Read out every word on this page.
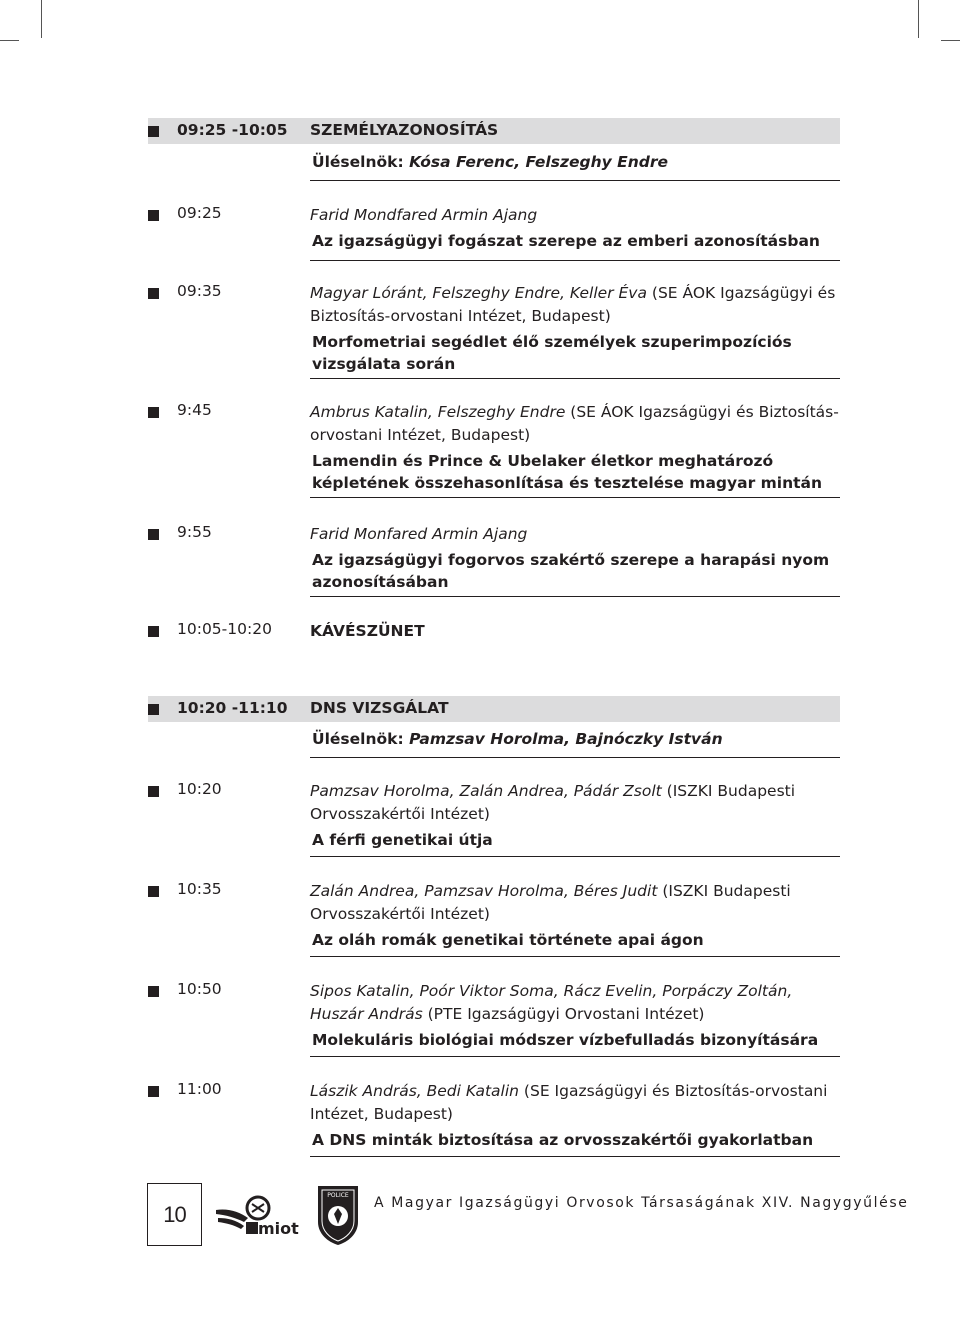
09:25 -10:05 SZEMÉLYAZONOSÍTÁS
Üléselnök: Kósa Ferenc, Felszeghy Endre
09:25	Farid Mondfared Armin Ajang
Az igazságügyi fogászat szerepe az emberi azonosításban
09:35	Magyar Lóránt, Felszeghy Endre, Keller Éva (SE ÁOK Igazságügyi és
Biztosítás-orvostani Intézet, Budapest)
Morfometriai segédlet élő személyek szuperimpozíciós
vizsgálata során
9:45	Ambrus Katalin, Felszeghy Endre (SE ÁOK Igazságügyi és Biztosítás-
orvostani Intézet, Budapest)
Lamendin és Prince & Ubelaker életkor meghatározó
képletének összehasonlítása és tesztelése magyar mintán
9:55	Farid Monfared Armin Ajang
Az igazságügyi fogorvos szakértő szerepe a harapási nyom
azonosításában
10:05-10:20 KÁVÉSZÜNET
10:20 -11:10 DNS VIZSGÁLAT
Üléselnök: Pamzsav Horolma, Bajnóczky István
10:20	Pamzsav Horolma, Zalán Andrea, Pádár Zsolt (ISZKI Budapesti
Orvosszakértői Intézet)
A férfi genetikai útja
10:35	Zalán Andrea, Pamzsav Horolma, Béres Judit (ISZKI Budapesti
Orvosszakértői Intézet)
Az oláh romák genetikai története apai ágon
10:50	Sipos Katalin, Poór Viktor Soma, Rácz Evelin, Porpáczy Zoltán,
Huszár András (PTE Igazságügyi Orvostani Intézet)
Molekuláris biológiai módszer vízbefulladás bizonyítására
11:00	Lászik András, Bedi Katalin (SE Igazságügyi és Biztosítás-orvostani
Intézet, Budapest)
A DNS minták biztosítása az orvosszakértői gyakorlatban
10
miot
POLICE A Magyar Igazságügyi Orvosok Társaságának XIV. Nagygyűlése
